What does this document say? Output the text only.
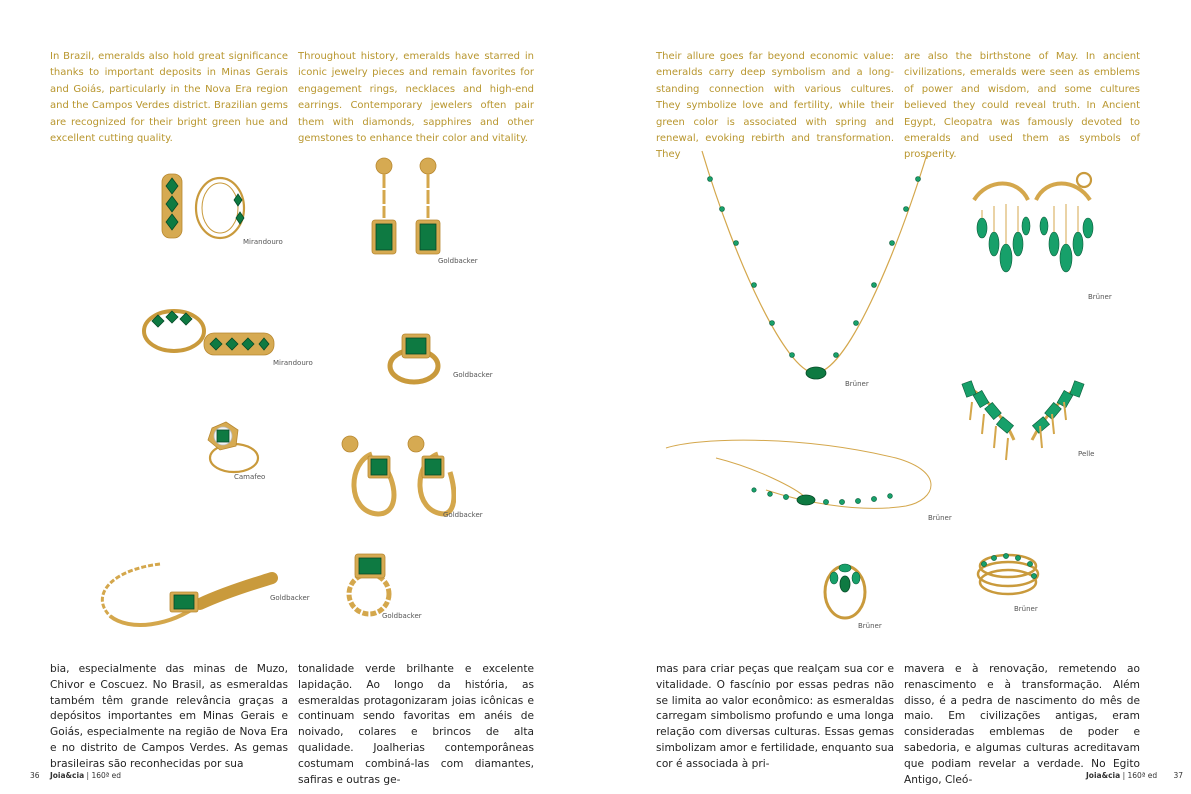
In Brazil, emeralds also hold great significance thanks to important deposits in Minas Gerais and Goiás, particularly in the Nova Era region and the Campos Verdes district. Brazilian gems are recognized for their bright green hue and excellent cutting quality.
Throughout history, emeralds have starred in iconic jewelry pieces and remain favorites for engagement rings, necklaces and high-end earrings. Contemporary jewelers often pair them with diamonds, sapphires and other gemstones to enhance their color and vitality.
Mirandouro
Goldbacker
Mirandouro
Goldbacker
Camafeo
Goldbacker
Goldbacker
Goldbacker
bia, especialmente das minas de Muzo, Chivor e Coscuez. No Brasil, as esmeraldas também têm grande relevância graças a depósitos importantes em Minas Gerais e Goiás, especialmente na região de Nova Era e no distrito de Campos Verdes. As gemas brasileiras são reconhecidas por sua
tonalidade verde brilhante e excelente lapidação. Ao longo da história, as esmeraldas protagonizaram joias icônicas e continuam sendo favoritas em anéis de noivado, colares e brincos de alta qualidade. Joalherias contemporâneas costumam combiná-las com diamantes, safiras e outras ge-
36 Joia&cia | 160ª ed
Their allure goes far beyond economic value: emeralds carry deep symbolism and a long-standing connection with various cultures. They symbolize love and fertility, while their green color is associated with spring and renewal, evoking rebirth and transformation. They
are also the birthstone of May. In ancient civilizations, emeralds were seen as emblems of power and wisdom, and some cultures believed they could reveal truth. In Ancient Egypt, Cleopatra was famously devoted to emeralds and used them as symbols of prosperity.
Brüner
Brüner
Pelle
Brüner
Brüner
Brüner
mas para criar peças que realçam sua cor e vitalidade. O fascínio por essas pedras não se limita ao valor econômico: as esmeraldas carregam simbolismo profundo e uma longa relação com diversas culturas. Essas gemas simbolizam amor e fertilidade, enquanto sua cor é associada à pri-
mavera e à renovação, remetendo ao renascimento e à transformação. Além disso, é a pedra de nascimento do mês de maio. Em civilizações antigas, eram consideradas emblemas de poder e sabedoria, e algumas culturas acreditavam que podiam revelar a verdade. No Egito Antigo, Cleó-	Joia&cia | 160ª ed 37
